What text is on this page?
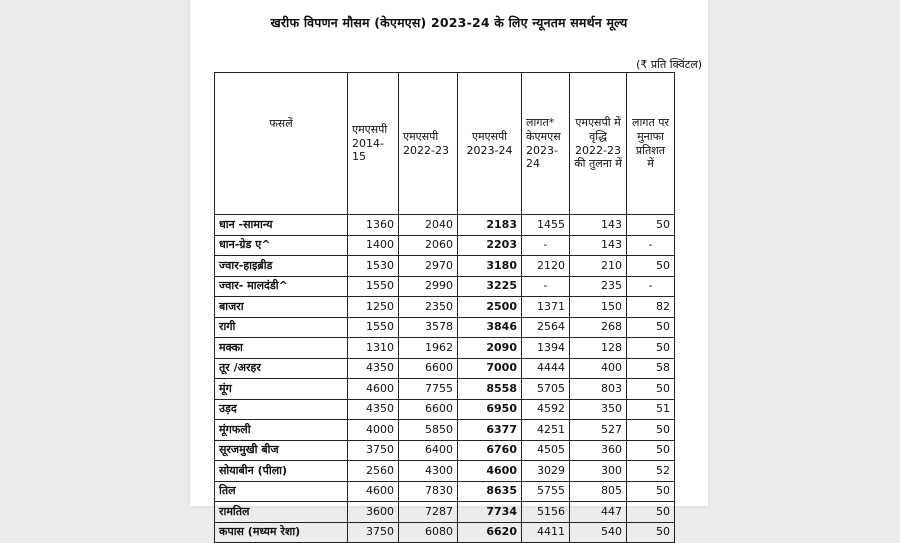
खरीफ विपणन मौसम (केएमएस) 2023-24 के लिए न्यूनतम समर्थन मूल्य
(₹ प्रति क्विंटल)
फसलें	एमएसपी 2014-15	एमएसपी 2022-23	एमएसपी 2023-24	लागत* केएमएस 2023-24	एमएसपी में वृद्धि 2022-23 की तुलना में	लागत पर मुनाफा प्रतिशत में
धान -सामान्य	1360	2040	2183	1455	143	50
धान-ग्रेड ए^	1400	2060	2203	-	143	-
ज्वार-हाइब्रीड	1530	2970	3180	2120	210	50
ज्वार- मालदंडी^	1550	2990	3225	-	235	-
बाजरा	1250	2350	2500	1371	150	82
रागी	1550	3578	3846	2564	268	50
मक्का	1310	1962	2090	1394	128	50
तूर /अरहर	4350	6600	7000	4444	400	58
मूंग	4600	7755	8558	5705	803	50
उड़द	4350	6600	6950	4592	350	51
मूंगफली	4000	5850	6377	4251	527	50
सूरजमुखी बीज	3750	6400	6760	4505	360	50
सोयाबीन (पीला)	2560	4300	4600	3029	300	52
तिल	4600	7830	8635	5755	805	50
रामतिल	3600	7287	7734	5156	447	50
कपास (मध्यम रेशा)	3750	6080	6620	4411	540	50
